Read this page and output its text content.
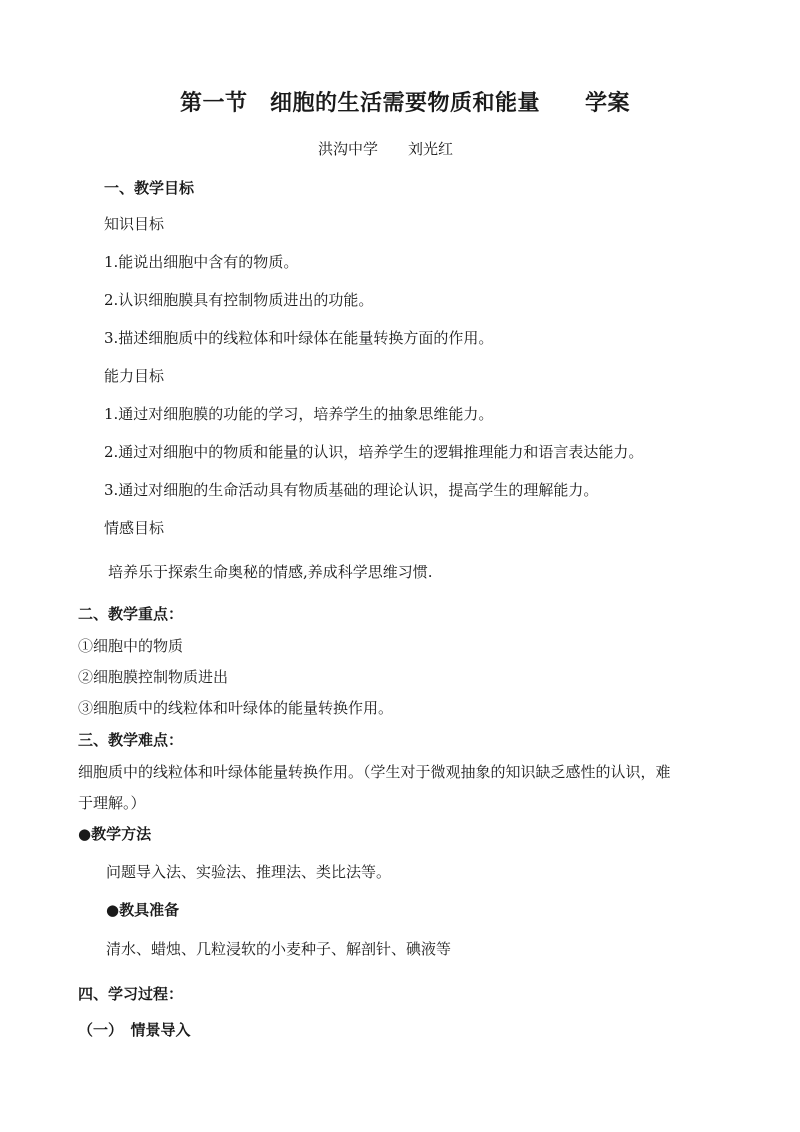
第一节　细胞的生活需要物质和能量　　学案
洪沟中学　　刘光红
一、教学目标
知识目标
1.能说出细胞中含有的物质。
2.认识细胞膜具有控制物质进出的功能。
3.描述细胞质中的线粒体和叶绿体在能量转换方面的作用。
能力目标
1.通过对细胞膜的功能的学习，培养学生的抽象思维能力。
2.通过对细胞中的物质和能量的认识，培养学生的逻辑推理能力和语言表达能力。
3.通过对细胞的生命活动具有物质基础的理论认识，提高学生的理解能力。
情感目标
培养乐于探索生命奥秘的情感,养成科学思维习惯.
二、教学重点：
①细胞中的物质
②细胞膜控制物质进出
③细胞质中的线粒体和叶绿体的能量转换作用。
三、教学难点：
细胞质中的线粒体和叶绿体能量转换作用。（学生对于微观抽象的知识缺乏感性的认识，难
于理解。）
●教学方法
问题导入法、实验法、推理法、类比法等。
●教具准备
清水、蜡烛、几粒浸软的小麦种子、解剖针、碘液等
四、学习过程：
（一）　情景导入
